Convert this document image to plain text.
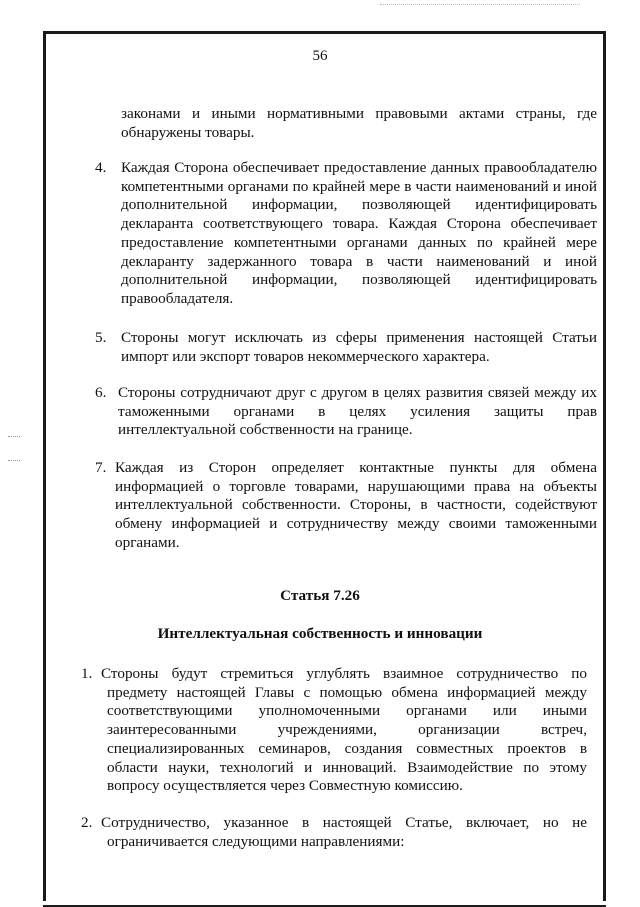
56

законами и иными нормативными правовыми актами страны, где обнаружены товары.

4. Каждая Сторона обеспечивает предоставление данных правообладателю компетентными органами по крайней мере в части наименований и иной дополнительной информации, позволяющей идентифицировать декларанта соответствующего товара. Каждая Сторона обеспечивает предоставление компетентными органами данных по крайней мере декларанту задержанного товара в части наименований и иной дополнительной информации, позволяющей идентифицировать правообладателя.
5. Стороны могут исключать из сферы применения настоящей Статьи импорт или экспорт товаров некоммерческого характера.
6. Стороны сотрудничают друг с другом в целях развития связей между их таможенными органами в целях усиления защиты прав интеллектуальной собственности на границе.
7. Каждая из Сторон определяет контактные пункты для обмена информацией о торговле товарами, нарушающими права на объекты интеллектуальной собственности. Стороны, в частности, содействуют обмену информацией и сотрудничеству между своими таможенными органами.
Статья 7.26
Интеллектуальная собственность и инновации
1. Стороны будут стремиться углублять взаимное сотрудничество по предмету настоящей Главы с помощью обмена информацией между соответствующими уполномоченными органами или иными заинтересованными учреждениями, организации встреч, специализированных семинаров, создания совместных проектов в области науки, технологий и инноваций. Взаимодействие по этому вопросу осуществляется через Совместную комиссию.
2. Сотрудничество, указанное в настоящей Статье, включает, но не ограничивается следующими направлениями:
